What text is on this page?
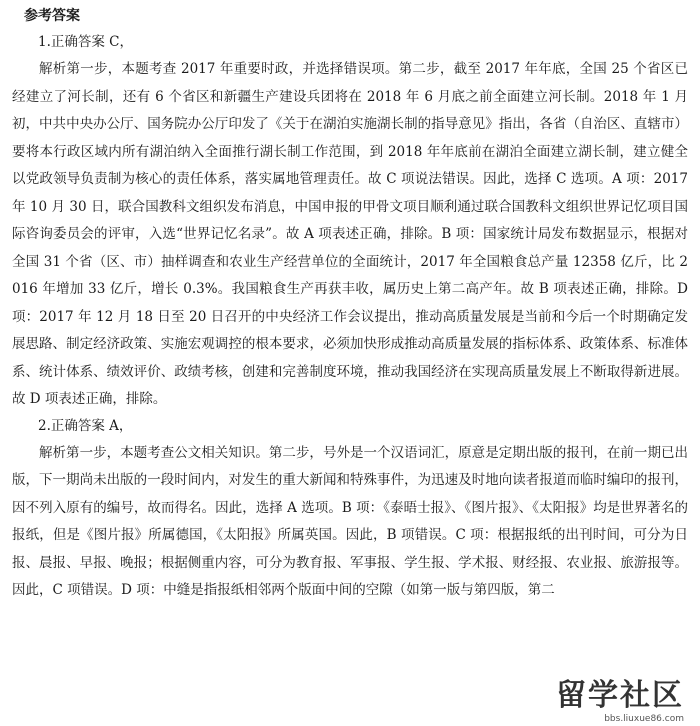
参考答案
1.正确答案 C，

解析第一步，本题考查 2017 年重要时政，并选择错误项。第二步，截至 2017 年年底，全国 25 个省区已经建立了河长制，还有 6 个省区和新疆生产建设兵团将在 2018 年 6 月底之前全面建立河长制。2018 年 1 月初，中共中央办公厅、国务院办公厅印发了《关于在湖泊实施湖长制的指导意见》指出，各省（自治区、直辖市）要将本行政区域内所有湖泊纳入全面推行湖长制工作范围，到 2018 年年底前在湖泊全面建立湖长制，建立健全以党政领导负责制为核心的责任体系，落实属地管理责任。故 C 项说法错误。因此，选择 C 选项。A 项：2017 年 10 月 30 日，联合国教科文组织发布消息，中国申报的甲骨文项目顺利通过联合国教科文组织世界记忆项目国际咨询委员会的评审，入选“世界记忆名录”。故 A 项表述正确，排除。B 项：国家统计局发布数据显示，根据对全国 31 个省（区、市）抽样调查和农业生产经营单位的全面统计，2017 年全国粮食总产量 12358 亿斤，比 2016 年增加 33 亿斤，增长 0.3%。我国粮食生产再获丰收，属历史上第二高产年。故 B 项表述正确，排除。D 项：2017 年 12 月 18 日至 20 日召开的中央经济工作会议提出，推动高质量发展是当前和今后一个时期确定发展思路、制定经济政策、实施宏观调控的根本要求，必须加快形成推动高质量发展的指标体系、政策体系、标准体系、统计体系、绩效评价、政绩考核，创建和完善制度环境，推动我国经济在实现高质量发展上不断取得新进展。故 D 项表述正确，排除。

2.正确答案 A，

解析第一步，本题考查公文相关知识。第二步，号外是一个汉语词汇，原意是定期出版的报刊，在前一期已出版，下一期尚未出版的一段时间内，对发生的重大新闻和特殊事件，为迅速及时地向读者报道而临时编印的报刊，因不列入原有的编号，故而得名。因此，选择 A 选项。B 项：《泰晤士报》、《图片报》、《太阳报》均是世界著名的报纸，但是《图片报》所属德国，《太阳报》所属英国。因此，B 项错误。C 项：根据报纸的出刊时间，可分为日报、晨报、早报、晚报；根据侧重内容，可分为教育报、军事报、学生报、学术报、财经报、农业报、旅游报等。因此，C 项错误。D 项：中缝是指报纸相邻两个版面中间的空隙（如第一版与第四版，第二

留学社区
bbs.liuxue86.com
